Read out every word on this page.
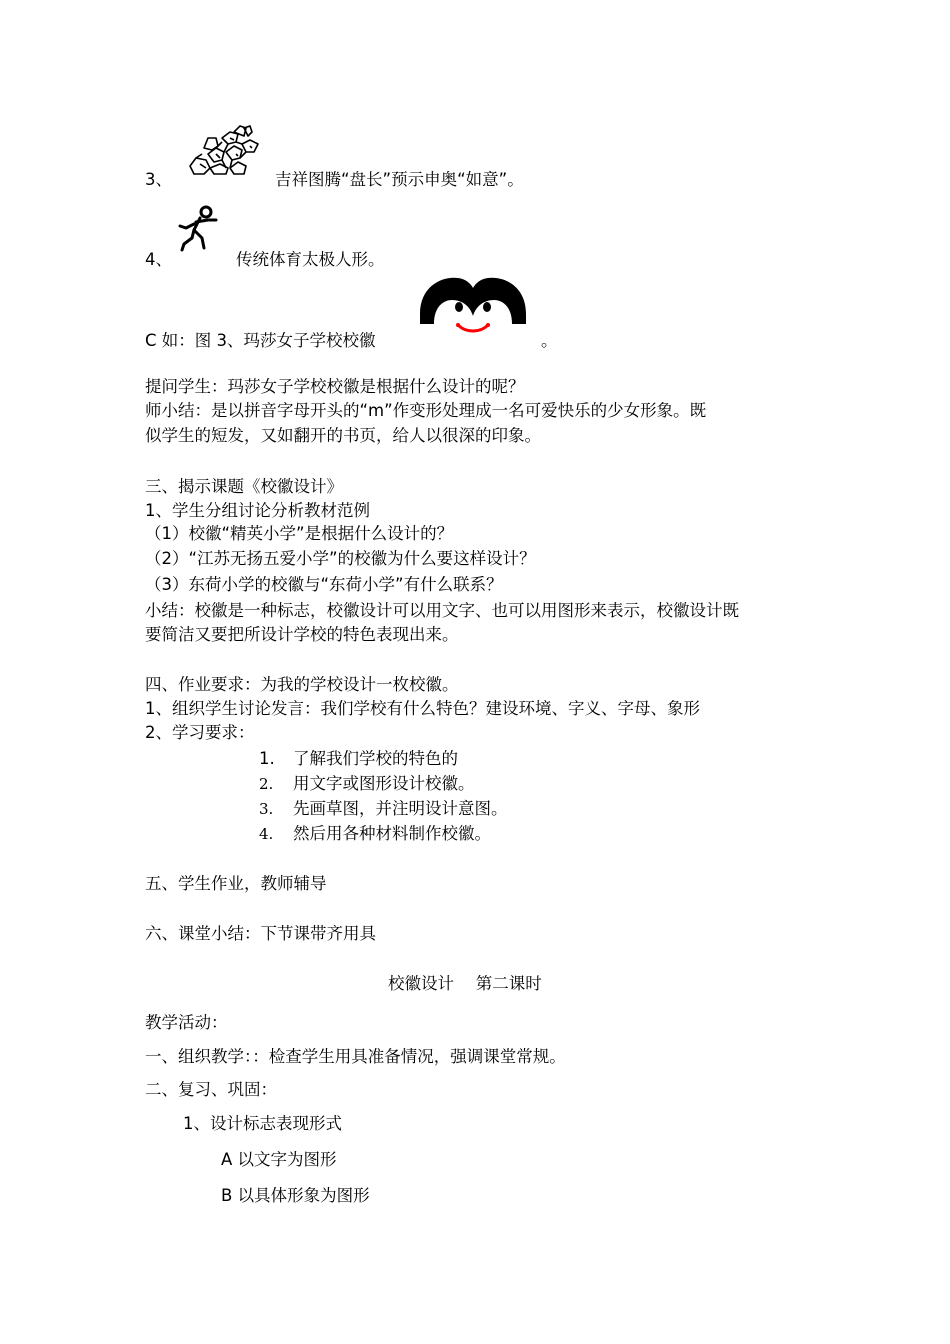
3、	吉祥图腾“盘长”预示申奥“如意”。
4、	传统体育太极人形。
C 如：图 3、玛莎女子学校校徽	。
提问学生：玛莎女子学校校徽是根据什么设计的呢？
师小结：是以拼音字母开头的“m”作变形处理成一名可爱快乐的少女形象。既
似学生的短发，又如翻开的书页，给人以很深的印象。
三、揭示课题《校徽设计》
1、学生分组讨论分析教材范例
（1）校徽“精英小学”是根据什么设计的？
（2）“江苏无扬五爱小学”的校徽为什么要这样设计？
（3）东荷小学的校徽与“东荷小学”有什么联系？
小结：校徽是一种标志，校徽设计可以用文字、也可以用图形来表示，校徽设计既
要简洁又要把所设计学校的特色表现出来。
四、作业要求：为我的学校设计一枚校徽。
1、组织学生讨论发言：我们学校有什么特色？建设环境、字义、字母、象形
2、学习要求：
1. 了解我们学校的特色的
2. 用文字或图形设计校徽。
3. 先画草图，并注明设计意图。
4. 然后用各种材料制作校徽。
五、学生作业，教师辅导
六、课堂小结：下节课带齐用具
校徽设计　 第二课时
教学活动：
一、组织教学：：检查学生用具准备情况，强调课堂常规。
二、复习、巩固：
1、设计标志表现形式
A 以文字为图形
B 以具体形象为图形
